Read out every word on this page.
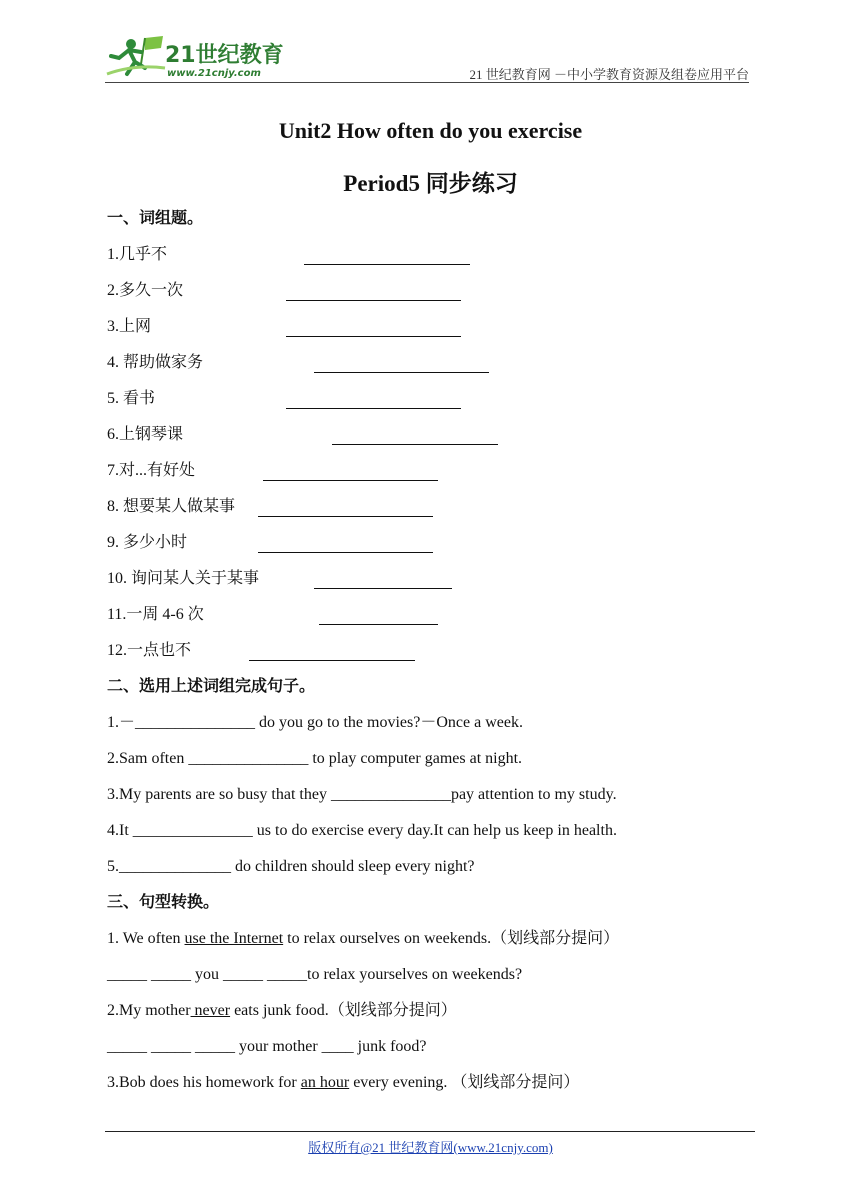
21世纪教育
www.21cnjy.com	21 世纪教育网 －中小学教育资源及组卷应用平台
Unit2 How often do you exercise
Period5 同步练习
一、词组题。
1.几乎不
2.多久一次
3.上网
4. 帮助做家务
5. 看书
6.上钢琴课
7.对...有好处
8. 想要某人做某事
9. 多少小时
10. 询问某人关于某事
11.一周 4-6 次
12.一点也不
二、选用上述词组完成句子。
1.－_______________ do you go to the movies?－Once a week.
2.Sam often _______________ to play computer games at night.
3.My parents are so busy that they _______________pay attention to my study.
4.It _______________ us to do exercise every day.It can help us keep in health.
5.______________ do children should sleep every night?
三、句型转换。
1. We often use the Internet to relax ourselves on weekends.（划线部分提问）
_____ _____ you _____ _____to relax yourselves on weekends?
2.My mother never eats junk food.（划线部分提问）
_____ _____ _____ your mother ____ junk food?
3.Bob does his homework for an hour every evening. （划线部分提问）
版权所有@21 世纪教育网(www.21cnjy.com)
